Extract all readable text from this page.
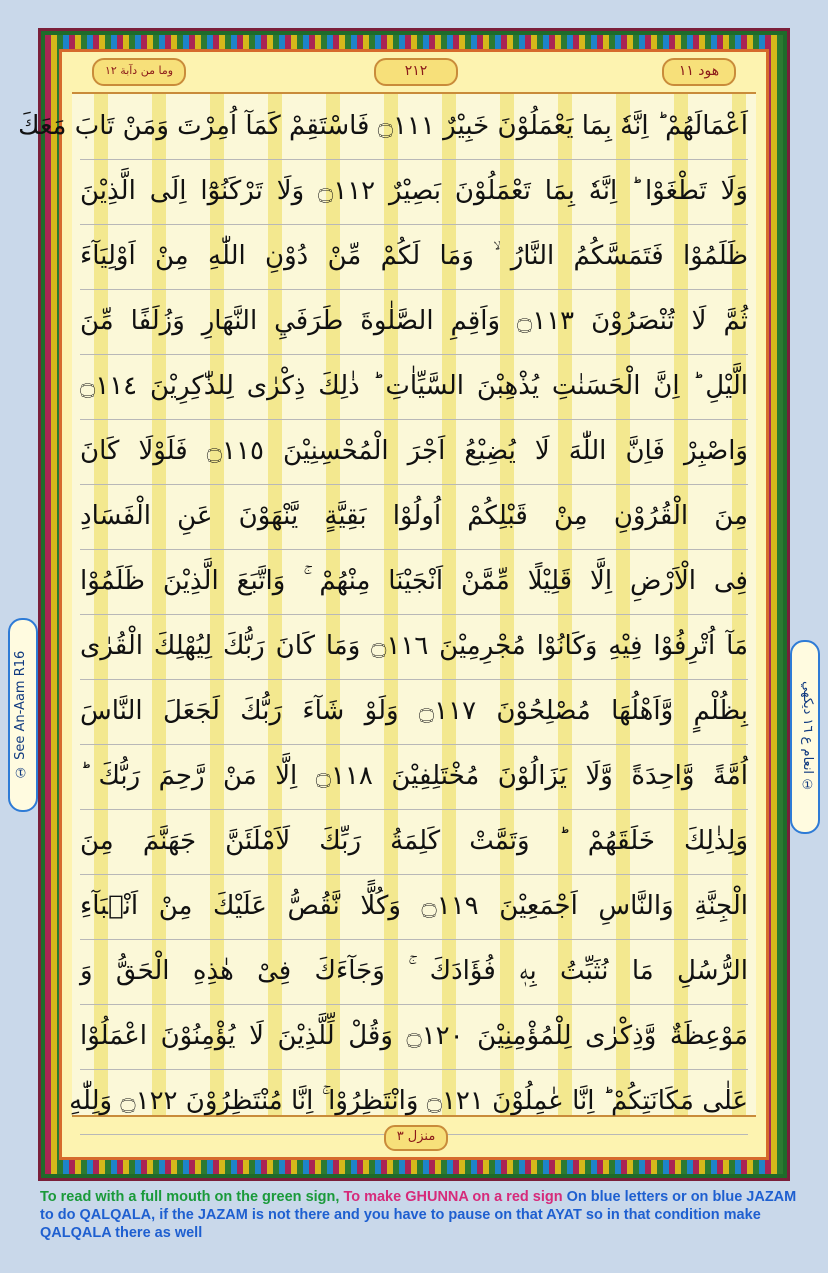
وما من دآبة ١٢	٢١٢	هود ١١
اَعْمَالَهُمْ ؕ اِنَّهٗ بِمَا يَعْمَلُوْنَ خَبِيْرٌ ۝١١١ فَاسْتَقِمْ كَمَآ اُمِرْتَ وَمَنْ تَابَ مَعَكَ
وَلَا تَطْغَوْا ؕ اِنَّهٗ بِمَا تَعْمَلُوْنَ بَصِيْرٌ ۝١١٢ وَلَا تَرْكَنُوْٓا اِلَى الَّذِيْنَ
ظَلَمُوْا فَتَمَسَّكُمُ النَّارُ ۙ وَمَا لَكُمْ مِّنْ دُوْنِ اللّٰهِ مِنْ اَوْلِيَآءَ
ثُمَّ لَا تُنْصَرُوْنَ ۝١١٣ وَاَقِمِ الصَّلٰوةَ طَرَفَيِ النَّهَارِ وَزُلَفًا مِّنَ
الَّيْلِ ؕ اِنَّ الْحَسَنٰتِ يُذْهِبْنَ السَّيِّاٰتِ ؕ ذٰلِكَ ذِكْرٰى لِلذّٰكِرِيْنَ ۝١١٤
وَاصْبِرْ فَاِنَّ اللّٰهَ لَا يُضِيْعُ اَجْرَ الْمُحْسِنِيْنَ ۝١١٥ فَلَوْلَا كَانَ
مِنَ الْقُرُوْنِ مِنْ قَبْلِكُمْ اُولُوْا بَقِيَّةٍ يَّنْهَوْنَ عَنِ الْفَسَادِ
فِى الْاَرْضِ اِلَّا قَلِيْلًا مِّمَّنْ اَنْجَيْنَا مِنْهُمْ ۚ وَاتَّبَعَ الَّذِيْنَ ظَلَمُوْا
مَآ اُتْرِفُوْا فِيْهِ وَكَانُوْا مُجْرِمِيْنَ ۝١١٦ وَمَا كَانَ رَبُّكَ لِيُهْلِكَ الْقُرٰى
بِظُلْمٍ وَّاَهْلُهَا مُصْلِحُوْنَ ۝١١٧ وَلَوْ شَآءَ رَبُّكَ لَجَعَلَ النَّاسَ
اُمَّةً وَّاحِدَةً وَّلَا يَزَالُوْنَ مُخْتَلِفِيْنَ ۝١١٨ اِلَّا مَنْ رَّحِمَ رَبُّكَ ؕ
وَلِذٰلِكَ خَلَقَهُمْ ؕ وَتَمَّتْ كَلِمَةُ رَبِّكَ لَاَمْلَئَنَّ جَهَنَّمَ مِنَ
الْجِنَّةِ وَالنَّاسِ اَجْمَعِيْنَ ۝١١٩ وَكُلًّا نَّقُصُّ عَلَيْكَ مِنْ اَنْۢبَآءِ
الرُّسُلِ مَا نُثَبِّتُ بِهٖ فُؤَادَكَ ۚ وَجَآءَكَ فِىْ هٰذِهِ الْحَقُّ وَ
مَوْعِظَةٌ وَّذِكْرٰى لِلْمُؤْمِنِيْنَ ۝١٢٠ وَقُلْ لِّلَّذِيْنَ لَا يُؤْمِنُوْنَ اعْمَلُوْا
عَلٰى مَكَانَتِكُمْ ؕ اِنَّا عٰمِلُوْنَ ۝١٢١ وَانْتَظِرُوْا ۚ اِنَّا مُنْتَظِرُوْنَ ۝١٢٢ وَلِلّٰهِ
منزل ٣
① See An-Aam R16	① انعام ع ١٦ ديكهي
To read with a full mouth on the green sign, To make GHUNNA on a red sign On blue letters or on blue JAZAM to do QALQALA, if the JAZAM is not there and you have to pause on that AYAT so in that condition make QALQALA there as well
